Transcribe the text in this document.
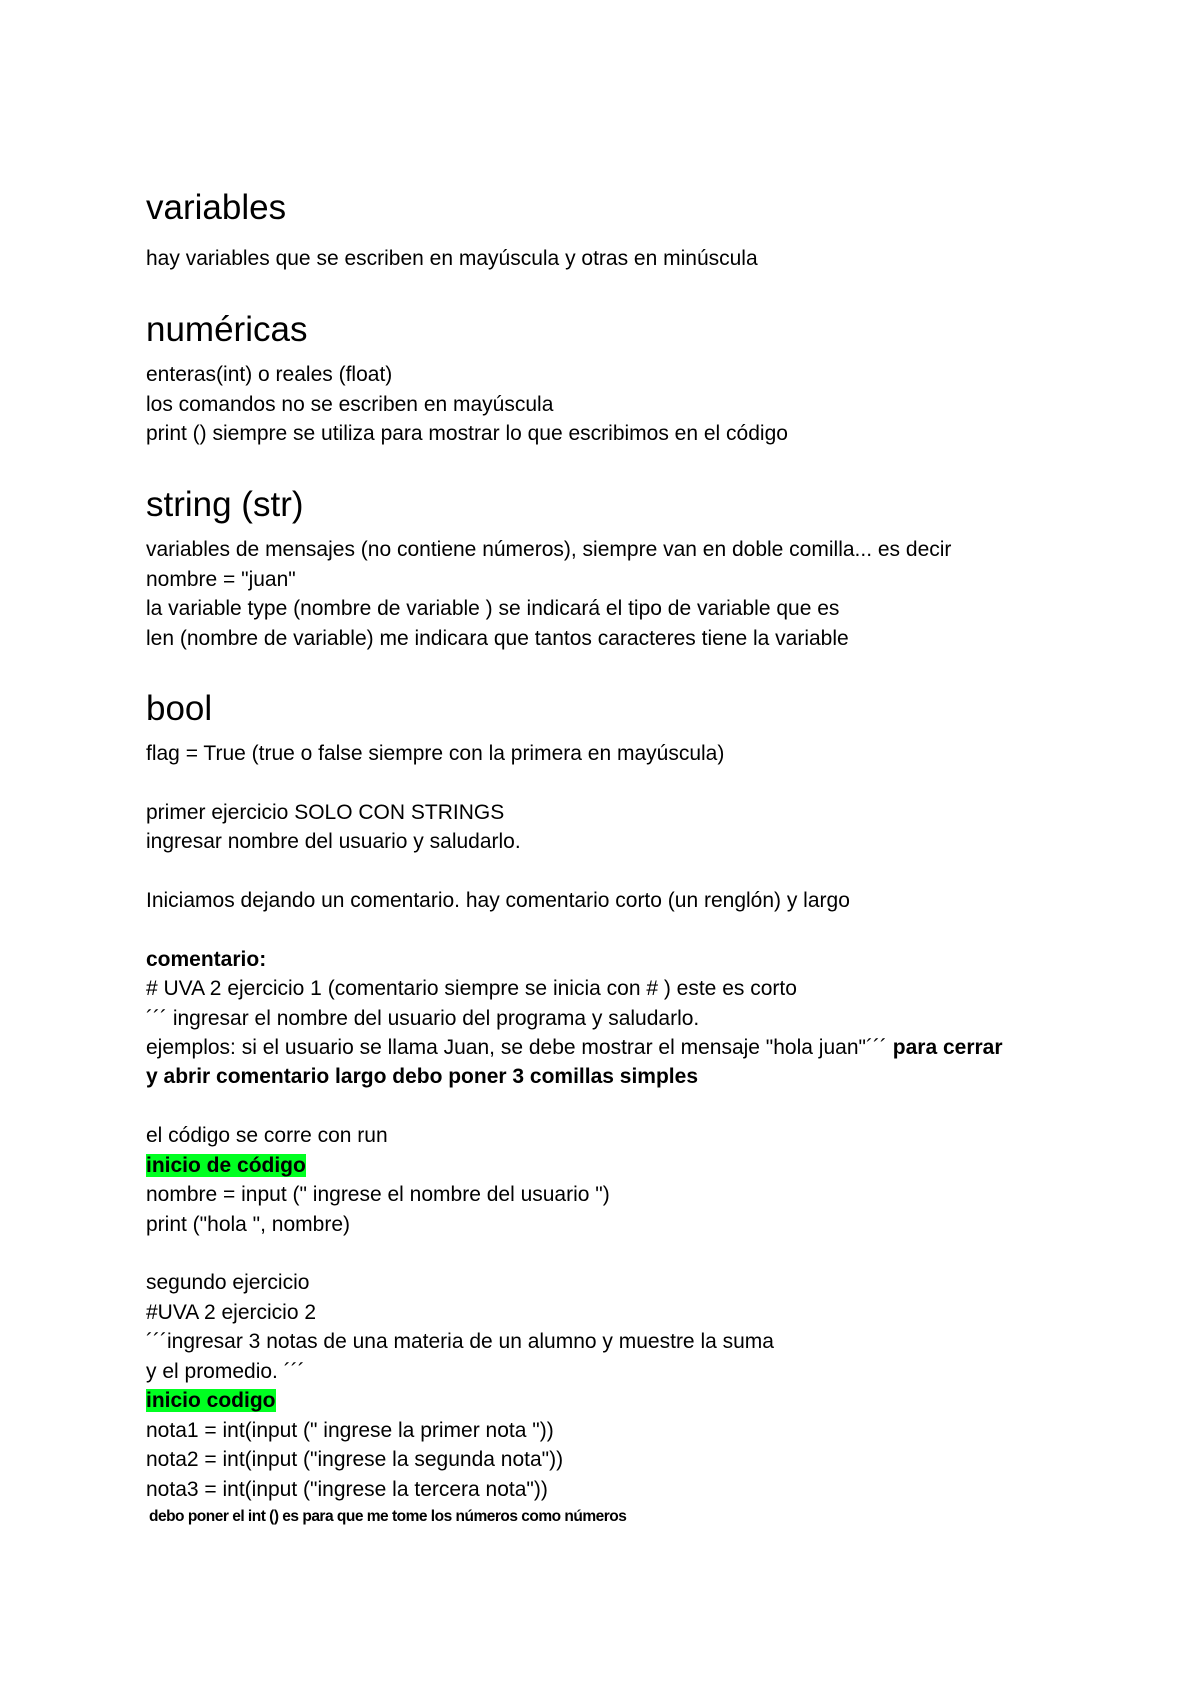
variables
hay variables que se escriben en mayúscula y otras en minúscula
numéricas
enteras(int) o reales (float)
los comandos no se escriben en mayúscula
print () siempre se utiliza para mostrar lo que escribimos en el código
string (str)
variables de mensajes (no contiene números), siempre van en doble comilla... es decir
nombre = "juan"
la variable type (nombre de variable ) se indicará el tipo de variable que es
len (nombre de variable) me indicara que tantos caracteres tiene la variable
bool
flag = True (true o false siempre con la primera en mayúscula)
primer ejercicio SOLO CON STRINGS
ingresar nombre del usuario y saludarlo.
Iniciamos dejando un comentario. hay comentario corto (un renglón) y largo
comentario:
# UVA 2 ejercicio 1 (comentario siempre se inicia con # ) este es corto
´´´ ingresar el nombre del usuario del programa y saludarlo.
ejemplos: si el usuario se llama Juan, se debe mostrar el mensaje "hola juan"´´´ para cerrar
y abrir comentario largo debo poner 3 comillas simples
el código se corre con run
inicio de código
nombre = input (" ingrese el nombre del usuario ")
print ("hola ", nombre)
segundo ejercicio
#UVA 2 ejercicio 2
´´´ingresar 3 notas de una materia de un alumno y muestre la suma
y el promedio. ´´´
inicio codigo
nota1 = int(input (" ingrese la primer nota "))
nota2 = int(input ("ingrese la segunda nota"))
nota3 = int(input ("ingrese la tercera nota"))
debo poner el int () es para que me tome los números como números
